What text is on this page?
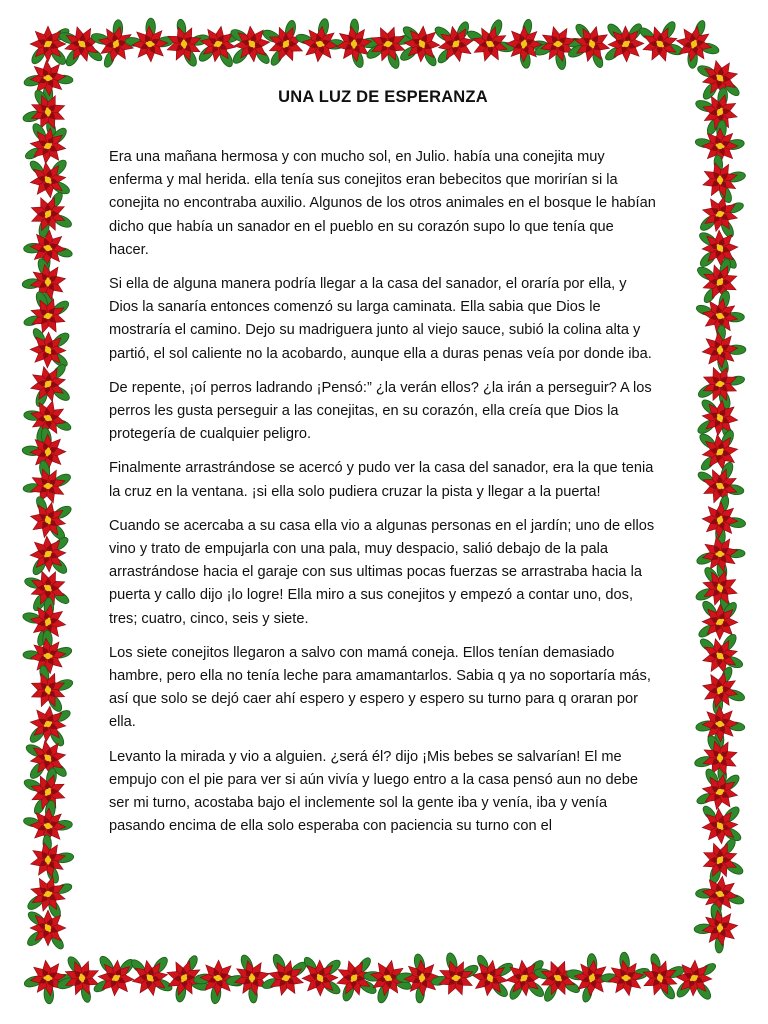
UNA LUZ DE ESPERANZA

Era una mañana hermosa y con mucho sol, en Julio. había una conejita muy enferma y mal herida. ella tenía sus conejitos eran bebecitos que morirían si la conejita no encontraba auxilio. Algunos de los otros animales en el bosque le habían dicho que había un sanador en el pueblo en su corazón supo lo que tenía que hacer.

Si ella de alguna manera podría llegar a la casa del sanador, el oraría por ella, y Dios la sanaría entonces comenzó su larga caminata. Ella sabia que Dios le mostraría el camino. Dejo su madriguera junto al viejo sauce, subió la colina alta y partió, el sol caliente no la acobardo, aunque ella a duras penas veía por donde iba.

De repente, ¡oí perros ladrando ¡Pensó:” ¿la verán ellos? ¿la irán a perseguir? A los perros les gusta perseguir a las conejitas, en su corazón, ella creía que Dios la protegería de cualquier peligro.

Finalmente arrastrándose se acercó y pudo ver la casa del sanador, era la que tenia la cruz en la ventana. ¡si ella solo pudiera cruzar la pista y llegar a la puerta!

Cuando se acercaba a su casa ella vio a algunas personas en el jardín; uno de ellos vino y trato de empujarla con una pala, muy despacio, salió debajo de la pala arrastrándose hacia el garaje con sus ultimas pocas fuerzas se arrastraba hacia la puerta y callo dijo ¡lo logre! Ella miro a sus conejitos y empezó a contar uno, dos, tres; cuatro, cinco, seis y siete.

Los siete conejitos llegaron a salvo con mamá coneja. Ellos tenían demasiado hambre, pero ella no tenía leche para amamantarlos. Sabia q ya no soportaría más, así que solo se dejó caer ahí espero y espero y espero su turno para q oraran por ella.

Levanto la mirada y vio a alguien. ¿será él? dijo ¡Mis bebes se salvarían! El me empujo con el pie para ver si aún vivía y luego entro a la casa pensó aun no debe ser mi turno, acostaba bajo el inclemente sol la gente iba y venía, iba y venía pasando encima de ella solo esperaba con paciencia su turno con el
